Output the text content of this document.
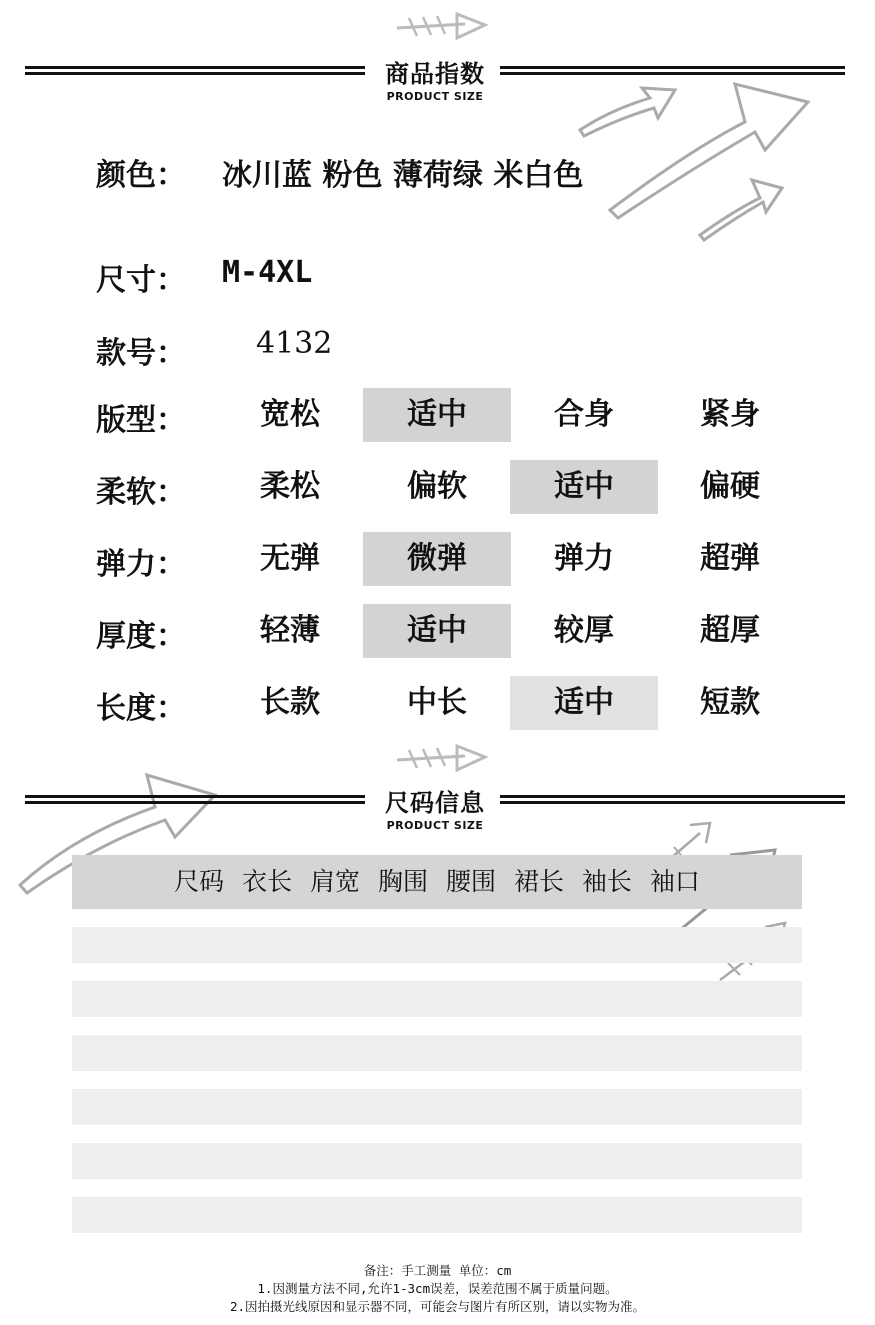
商品指数
PRODUCT SIZE
颜色： 冰川蓝 粉色 薄荷绿 米白色
尺寸： M-4XL
款号： 4132
版型：	宽松	适中	合身	紧身
柔软：	柔松	偏软	适中	偏硬
弹力：	无弹	微弹	弹力	超弹
厚度：	轻薄	适中	较厚	超厚
长度：	长款	中长	适中	短款
尺码信息
PRODUCT SIZE
尺码 衣长 肩宽 胸围 腰围 裙长 袖长 袖口
备注：手工测量 单位：cm
1.因测量方法不同,允许1-3cm误差，误差范围不属于质量问题。
2.因拍摄光线原因和显示器不同，可能会与图片有所区别，请以实物为准。
